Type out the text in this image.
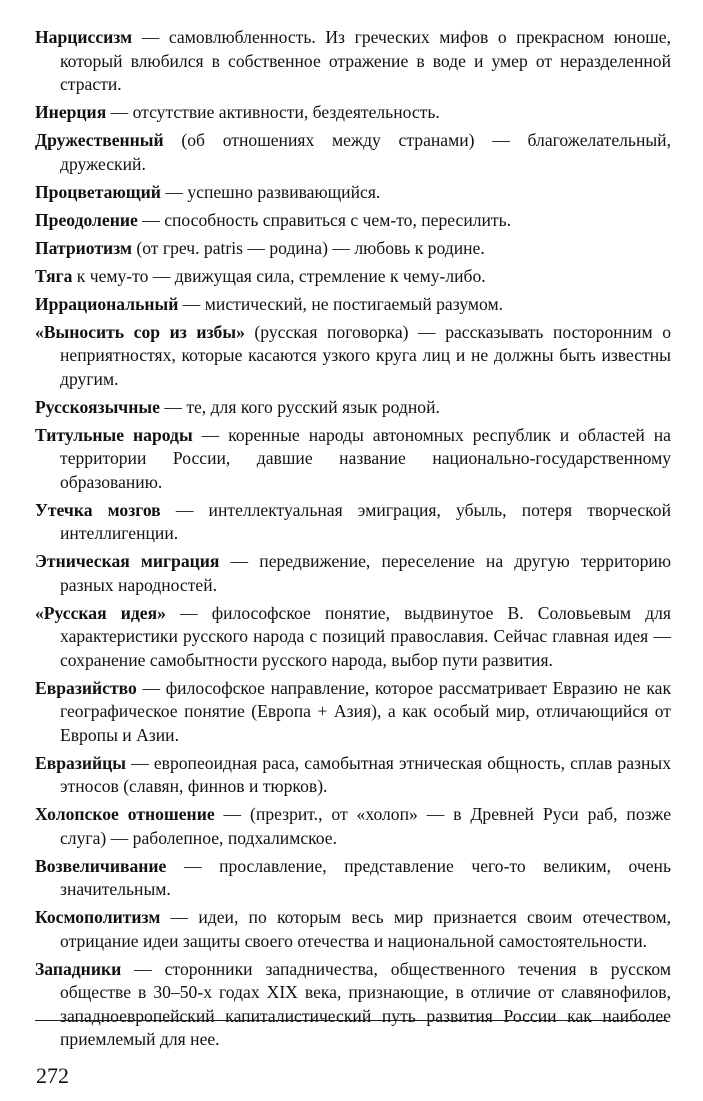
Нарциссизм — самовлюбленность. Из греческих мифов о прекрасном юноше, который влюбился в собственное отражение в воде и умер от неразделенной страсти.

Инерция — отсутствие активности, бездеятельность.

Дружественный (об отношениях между странами) — благожелательный, дружеский.

Процветающий — успешно развивающийся.

Преодоление — способность справиться с чем-то, пересилить.

Патриотизм (от греч. patris — родина) — любовь к родине.

Тяга к чему-то — движущая сила, стремление к чему-либо.

Иррациональный — мистический, не постигаемый разумом.

«Выносить сор из избы» (русская поговорка) — рассказывать посторонним о неприятностях, которые касаются узкого круга лиц и не должны быть известны другим.

Русскоязычные — те, для кого русский язык родной.

Титульные народы — коренные народы автономных республик и областей на территории России, давшие название национально-государственному образованию.

Утечка мозгов — интеллектуальная эмиграция, убыль, потеря творческой интеллигенции.

Этническая миграция — передвижение, переселение на другую территорию разных народностей.

«Русская идея» — философское понятие, выдвинутое В. Соловьевым для характеристики русского народа с позиций православия. Сейчас главная идея — сохранение самобытности русского народа, выбор пути развития.

Евразийство — философское направление, которое рассматривает Евразию не как географическое понятие (Европа + Азия), а как особый мир, отличающийся от Европы и Азии.

Евразийцы — европеоидная раса, самобытная этническая общность, сплав разных этносов (славян, финнов и тюрков).

Холопское отношение — (презрит., от «холоп» — в Древней Руси раб, позже слуга) — раболепное, подхалимское.

Возвеличивание — прославление, представление чего-то великим, очень значительным.

Космополитизм — идеи, по которым весь мир признается своим отечеством, отрицание идеи защиты своего отечества и национальной самостоятельности.

Западники — сторонники западничества, общественного течения в русском обществе в 30–50-х годах XIX века, признающие, в отличие от славянофилов, западноевропейский капиталистический путь развития России как наиболее приемлемый для нее.

272
